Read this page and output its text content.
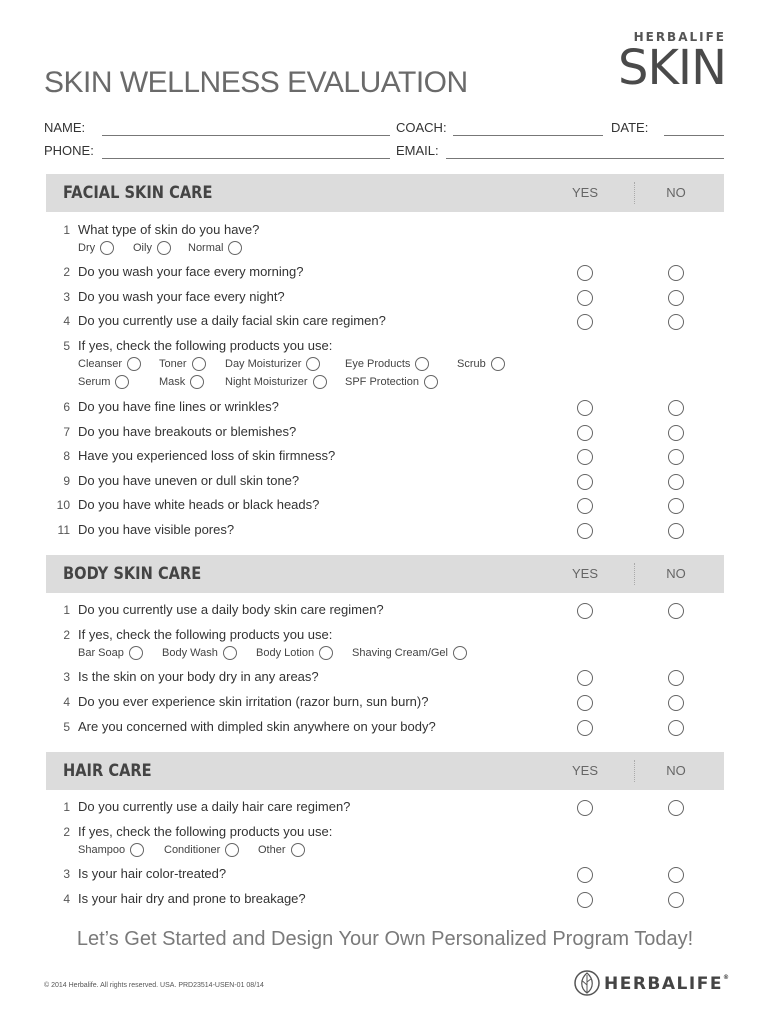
HERBALIFE
SKIN
SKIN WELLNESS EVALUATION
NAME:	COACH:	DATE:
PHONE:	EMAIL:
FACIAL SKIN CARE	YES	NO
1 What type of skin do you have?
Dry	Oily	Normal
2 Do you wash your face every morning?
3 Do you wash your face every night?
4 Do you currently use a daily facial skin care regimen?
5 If yes, check the following products you use:
Cleanser	Toner	Day Moisturizer	Eye Products	Scrub
Serum	Mask	Night Moisturizer	SPF Protection
6 Do you have fine lines or wrinkles?
7 Do you have breakouts or blemishes?
8 Have you experienced loss of skin firmness?
9 Do you have uneven or dull skin tone?
10 Do you have white heads or black heads?
11 Do you have visible pores?
BODY SKIN CARE	YES	NO
1 Do you currently use a daily body skin care regimen?
2 If yes, check the following products you use:
Bar Soap	Body Wash	Body Lotion	Shaving Cream/Gel
3 Is the skin on your body dry in any areas?
4 Do you ever experience skin irritation (razor burn, sun burn)?
5 Are you concerned with dimpled skin anywhere on your body?
HAIR CARE	YES	NO
1 Do you currently use a daily hair care regimen?
2 If yes, check the following products you use:
Shampoo	Conditioner	Other
3 Is your hair color-treated?
4 Is your hair dry and prone to breakage?
Let’s Get Started and Design Your Own Personalized Program Today!
© 2014 Herbalife. All rights reserved. USA. PRD23514-USEN-01 08/14	HERBALIFE®
